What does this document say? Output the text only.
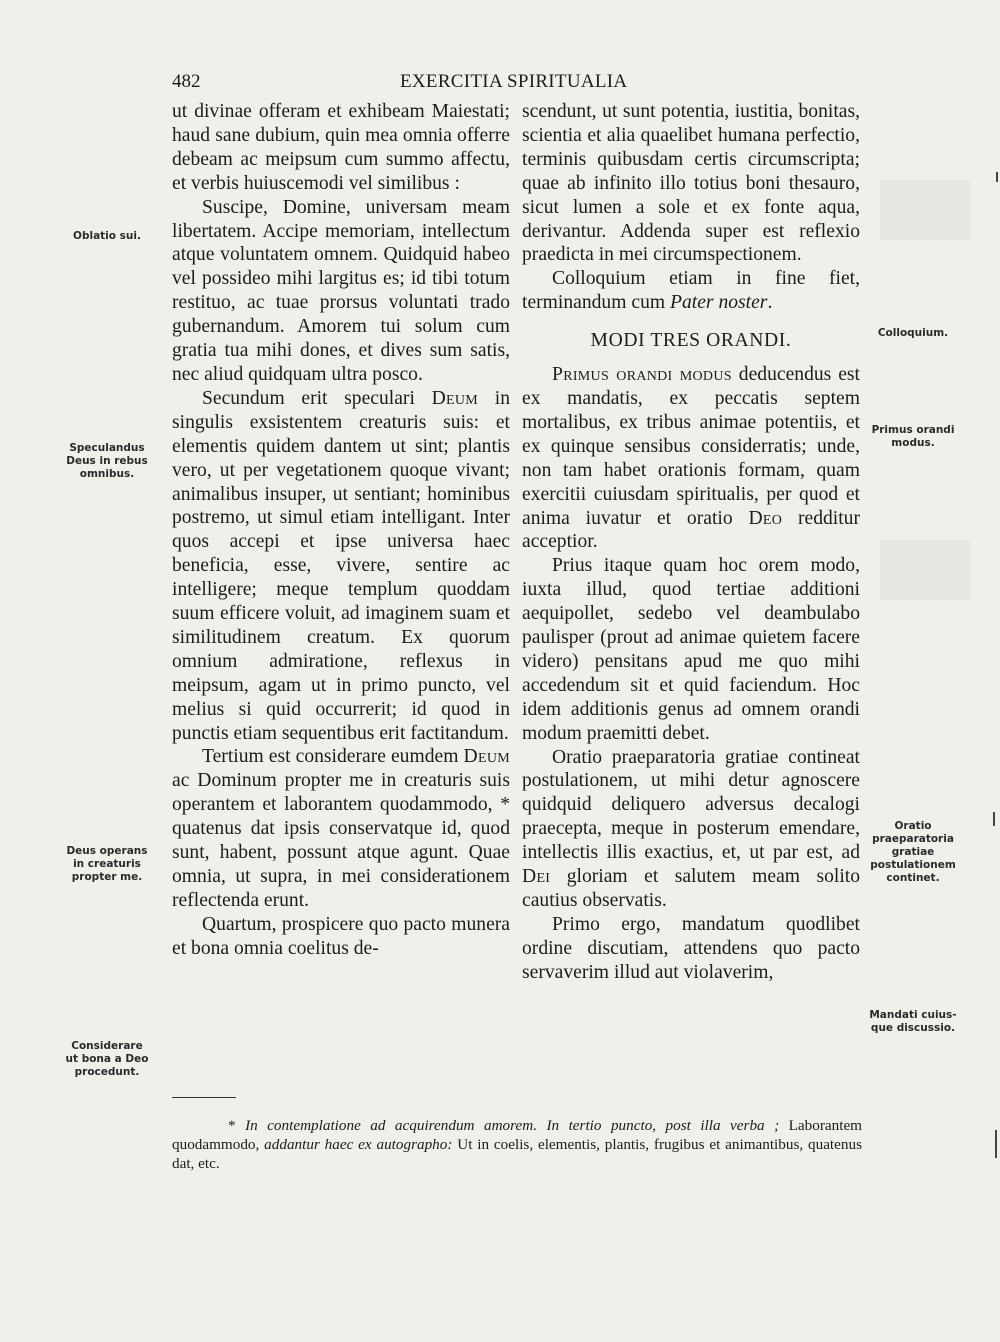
482	EXERCITIA SPIRITUALIA

ut divinae offeram et exhibeam Maiestati; haud sane dubium, quin mea omnia offerre debeam ac meipsum cum summo affectu, et verbis huiuscemodi vel similibus :

Suscipe, Domine, universam meam libertatem. Accipe memoriam, intellectum atque voluntatem omnem. Quidquid habeo vel possideo mihi largitus es; id tibi totum restituo, ac tuae prorsus voluntati trado gubernandum. Amorem tui solum cum gratia tua mihi dones, et dives sum satis, nec aliud quidquam ultra posco.

Secundum erit speculari Deum in singulis exsistentem creaturis suis: et elementis quidem dantem ut sint; plantis vero, ut per vegetationem quoque vivant; animalibus insuper, ut sentiant; hominibus postremo, ut simul etiam intelligant. Inter quos accepi et ipse universa haec beneficia, esse, vivere, sentire ac intelligere; meque templum quoddam suum efficere voluit, ad imaginem suam et similitudinem creatum. Ex quorum omnium admiratione, reflexus in meipsum, agam ut in primo puncto, vel melius si quid occurrerit; id quod in punctis etiam sequentibus erit factitandum.

Tertium est considerare eumdem Deum ac Dominum propter me in creaturis suis operantem et laborantem quodammodo, * quatenus dat ipsis conservatque id, quod sunt, habent, possunt atque agunt. Quae omnia, ut supra, in mei considerationem reflectenda erunt.

Quartum, prospicere quo pacto munera et bona omnia coelitus de-

scendunt, ut sunt potentia, iustitia, bonitas, scientia et alia quaelibet humana perfectio, terminis quibusdam certis circumscripta; quae ab infinito illo totius boni thesauro, sicut lumen a sole et ex fonte aqua, derivantur. Addenda super est reflexio praedicta in mei circumspectionem.

Colloquium etiam in fine fiet, terminandum cum Pater noster.

MODI TRES ORANDI.

Primus orandi modus deducendus est ex mandatis, ex peccatis septem mortalibus, ex tribus animae potentiis, et ex quinque sensibus considerratis; unde, non tam habet orationis formam, quam exercitii cuiusdam spiritualis, per quod et anima iuvatur et oratio Deo redditur acceptior.

Prius itaque quam hoc orem modo, iuxta illud, quod tertiae additioni aequipollet, sedebo vel deambulabo paulisper (prout ad animae quietem facere videro) pensitans apud me quo mihi accedendum sit et quid faciendum. Hoc idem additionis genus ad omnem orandi modum praemitti debet.

Oratio praeparatoria gratiae contineat postulationem, ut mihi detur agnoscere quidquid deliquero adversus decalogi praecepta, meque in posterum emendare, intellectis illis exactius, et, ut par est, ad Dei gloriam et salutem meam solito cautius observatis.

Primo ergo, mandatum quodlibet ordine discutiam, attendens quo pacto servaverim illud aut violaverim,

Oblatio sui.
Speculandus
Deus in rebus
omnibus.
Deus operans
in creaturis
propter me.
Considerare
ut bona a Deo
procedunt.
Colloquium.
Primus orandi
modus.
Oratio
praeparatoria
gratiae
postulationem
continet.
Mandati cuius-
que discussio.

* In contemplatione ad acquirendum amorem. In tertio puncto, post illa verba ; Laborantem quodammodo, addantur haec ex autographo: Ut in coelis, elementis, plantis, frugibus et animantibus, quatenus dat, etc.
